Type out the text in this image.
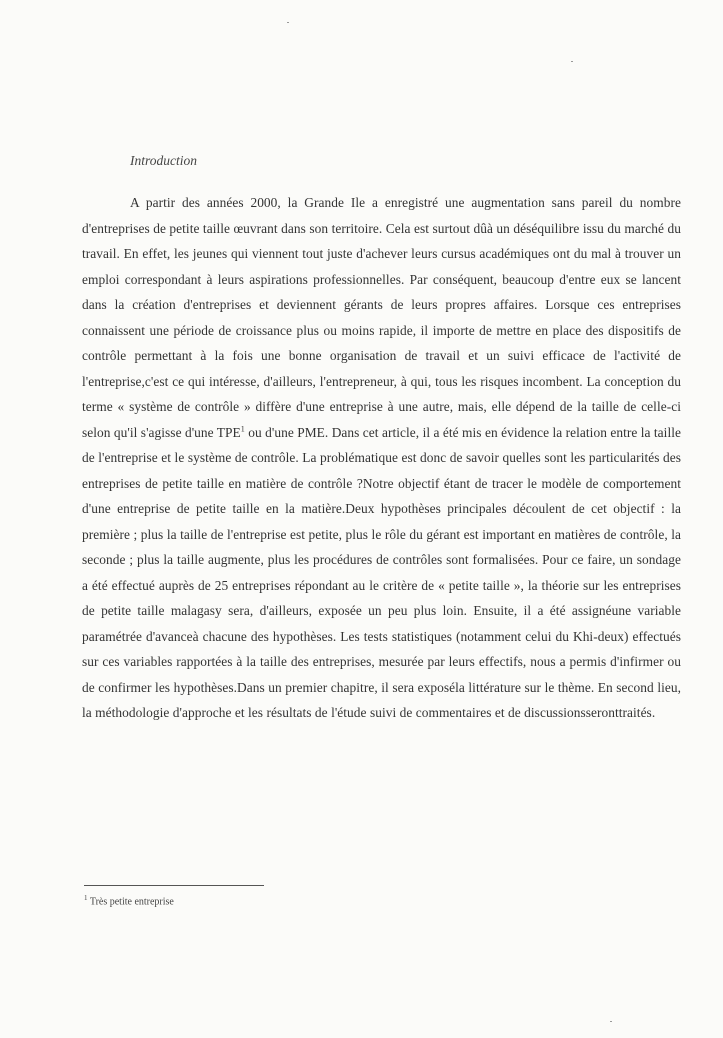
Introduction

A partir des années 2000, la Grande Ile a enregistré une augmentation sans pareil du nombre d'entreprises de petite taille œuvrant dans son territoire. Cela est surtout dûà un déséquilibre issu du marché du travail. En effet, les jeunes qui viennent tout juste d'achever leurs cursus académiques ont du mal à trouver un emploi correspondant à leurs aspirations professionnelles. Par conséquent, beaucoup d'entre eux se lancent dans la création d'entreprises et deviennent gérants de leurs propres affaires. Lorsque ces entreprises connaissent une période de croissance plus ou moins rapide, il importe de mettre en place des dispositifs de contrôle permettant à la fois une bonne organisation de travail et un suivi efficace de l'activité de l'entreprise,c'est ce qui intéresse, d'ailleurs, l'entrepreneur, à qui, tous les risques incombent. La conception du terme « système de contrôle » diffère d'une entreprise à une autre, mais, elle dépend de la taille de celle-ci selon qu'il s'agisse d'une TPE$^1$ ou d'une PME. Dans cet article, il a été mis en évidence la relation entre la taille de l'entreprise et le système de contrôle. La problématique est donc de savoir quelles sont les particularités des entreprises de petite taille en matière de contrôle ?Notre objectif étant de tracer le modèle de comportement d'une entreprise de petite taille en la matière.Deux hypothèses principales découlent de cet objectif : la première ; plus la taille de l'entreprise est petite, plus le rôle du gérant est important en matières de contrôle, la seconde ; plus la taille augmente, plus les procédures de contrôles sont formalisées. Pour ce faire, un sondage a été effectué auprès de 25 entreprises répondant au le critère de « petite taille », la théorie sur les entreprises de petite taille malagasy sera, d'ailleurs, exposée un peu plus loin. Ensuite, il a été assignéune variable paramétrée d'avanceà chacune des hypothèses. Les tests statistiques (notamment celui du Khi-deux) effectués sur ces variables rapportées à la taille des entreprises, mesurée par leurs effectifs, nous a permis d'infirmer ou de confirmer les hypothèses.Dans un premier chapitre, il sera exposéla littérature sur le thème. En second lieu, la méthodologie d'approche et les résultats de l'étude suivi de commentaires et de discussionsseronttraités.

$^1$ Très petite entreprise
